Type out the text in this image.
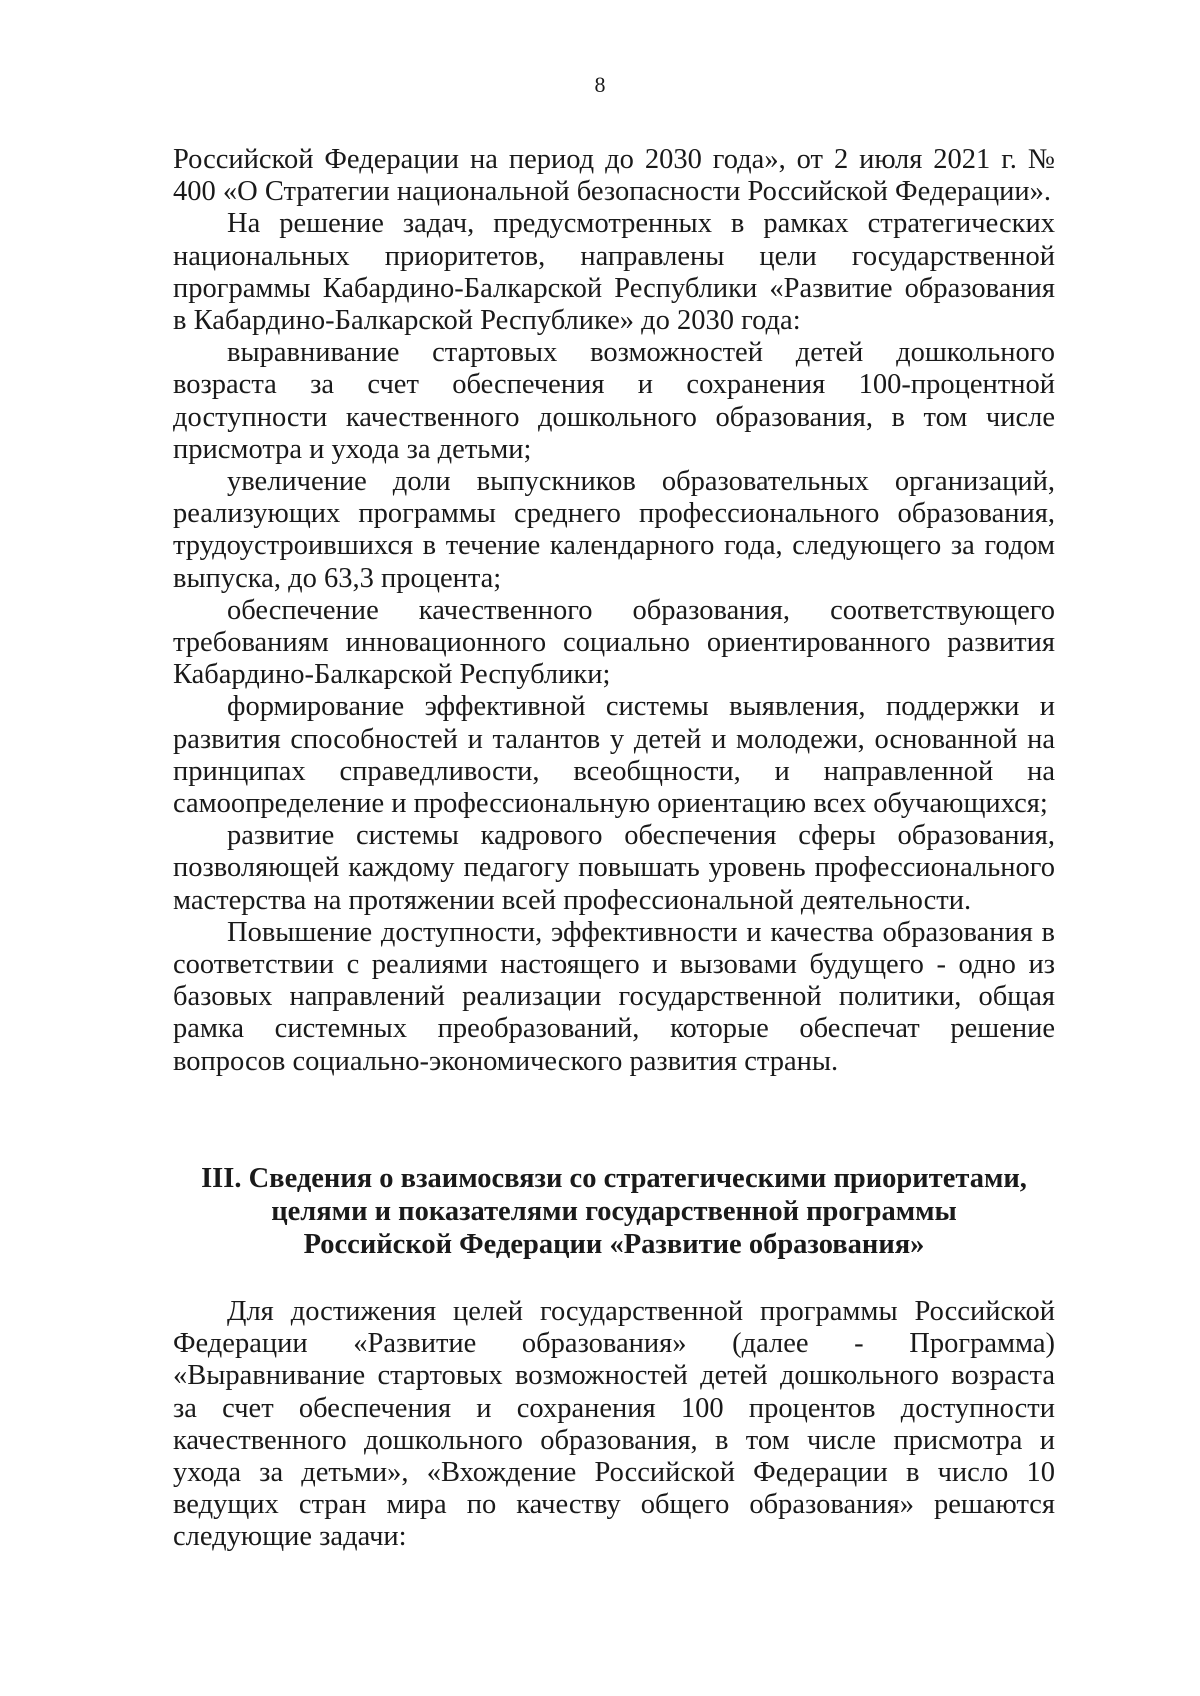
8

Российской Федерации на период до 2030 года», от 2 июля 2021 г. № 400 «О Стратегии национальной безопасности Российской Федерации».

На решение задач, предусмотренных в рамках стратегических национальных приоритетов, направлены цели государственной программы Кабардино-Балкарской Республики «Развитие образования в Кабардино-Балкарской Республике» до 2030 года:

выравнивание стартовых возможностей детей дошкольного возраста за счет обеспечения и сохранения 100-процентной доступности качественного дошкольного образования, в том числе присмотра и ухода за детьми;

увеличение доли выпускников образовательных организаций, реализующих программы среднего профессионального образования, трудоустроившихся в течение календарного года, следующего за годом выпуска, до 63,3 процента;

обеспечение качественного образования, соответствующего требованиям инновационного социально ориентированного развития Кабардино-Балкарской Республики;

формирование эффективной системы выявления, поддержки и развития способностей и талантов у детей и молодежи, основанной на принципах справедливости, всеобщности, и направленной на самоопределение и профессиональную ориентацию всех обучающихся;

развитие системы кадрового обеспечения сферы образования, позволяющей каждому педагогу повышать уровень профессионального мастерства на протяжении всей профессиональной деятельности.

Повышение доступности, эффективности и качества образования в соответствии с реалиями настоящего и вызовами будущего - одно из базовых направлений реализации государственной политики, общая рамка системных преобразований, которые обеспечат решение вопросов социально-экономического развития страны.

III. Сведения о взаимосвязи со стратегическими приоритетами,
целями и показателями государственной программы
Российской Федерации «Развитие образования»

Для достижения целей государственной программы Российской Федерации «Развитие образования» (далее - Программа) «Выравнивание стартовых возможностей детей дошкольного возраста за счет обеспечения и сохранения 100 процентов доступности качественного дошкольного образования, в том числе присмотра и ухода за детьми», «Вхождение Российской Федерации в число 10 ведущих стран мира по качеству общего образования» решаются следующие задачи:
